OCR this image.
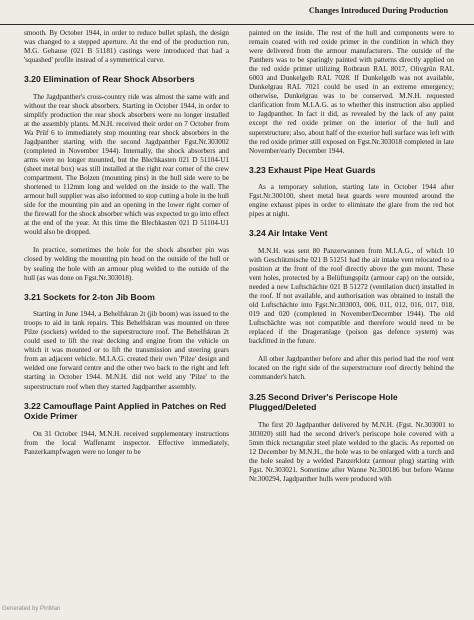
Changes Introduced During Production

smooth. By October 1944, in order to reduce bullet splash, the design was changed to a stepped aperture. At the end of the production run, M.G. Gehause (021 B 51181) castings were introduced that had a 'squashed' profile instead of a symmetrical curve.

3.20 Elimination of Rear Shock Absorbers

The Jagdpanther's cross-country ride was almost the same with and without the rear shock absorbers. Starting in October 1944, in order to simplify production the rear shock absorbers were no longer installed at the assembly plants. M.N.H. received their order on 7 October from Wa Prüf 6 to immediately stop mounting rear shock absorbers in the Jagdpanther starting with the second Jagdpanther Fgst.Nr.303002 (completed in November 1944). Internally, the shock absorbers and arms were no longer mounted, but the Blechkasten 021 D 51104-U1 (sheet metal box) was still installed at the right rear corner of the crew compartment. The Bolzen (mounting pins) in the hull side were to be shortened to 112mm long and welded on the inside to the wall. The armour hull supplier was also informed to stop cutting a hole in the hull side for the mounting pin and an opening in the lower right corner of the firewall for the shock absorber which was expected to go into effect at the end of the year. At this time the Blechkasten 021 D 51104-U1 would also be dropped.

In practice, sometimes the hole for the shock absorber pin was closed by welding the mounting pin head on the outside of the hull or by sealing the hole with an armour plug welded to the outside of the hull (as was done on Fgst.Nr.303018).

3.21 Sockets for 2-ton Jib Boom

Starting in June 1944, a Behelfskran 2t (jib boom) was issued to the troops to aid in tank repairs. This Behelfskran was mounted on three Pilze (sockets) welded to the superstructure roof. The Behelfskran 2t could used to lift the rear decking and engine from the vehicle on which it was mounted or to lift the transmission and steering gears from an adjacent vehicle. M.I.A.G. created their own 'Pilze' design and welded one forward centre and the other two back to the right and left starting in October 1944. M.N.H. did not weld any 'Pilze' to the superstructure roof when they started Jagdpanther assembly.

3.22 Camouflage Paint Applied in Patches on Red Oxide Primer

On 31 October 1944, M.N.H. received supplementary instructions from the local Waffenamt inspector. Effective immediately, Panzerkampfwagen were no longer to be

painted on the inside. The rest of the hull and components were to remain coated with red oxide primer in the condition in which they were delivered from the armour manufacturers. The outside of the Panthers was to be sparingly painted with patterns directly applied on the red oxide primer utilizing Rotbraun RAL 8017, Olivgrün RAL 6003 and Dunkelgelb RAL 7028. If Dunkelgelb was not available, Dunkelgrau RAL 7021 could be used in an extreme emergency; otherwise, Dunkelgrau was to be conserved. M.N.H. requested clarification from M.I.A.G. as to whether this instruction also applied to Jagdpanther. In fact it did, as revealed by the lack of any paint except the red oxide primer on the interior of the hull and superstructure; also, about half of the exterior hull surface was left with the red oxide primer still exposed on Fgst.Nr.303018 completed in late November/early December 1944.

3.23 Exhaust Pipe Heat Guards

As a temporary solution, starting late in October 1944 after Fgst.Nr.300100, sheet metal heat guards were mounted around the engine exhaust pipes in order to eliminate the glare from the red hot pipes at night.

3.24 Air Intake Vent

M.N.H. was sent 80 Panzerwannen from M.I.A.G., of which 10 with Geschütznische 021 B 51251 had the air intake vent relocated to a position at the front of the roof directly above the gun mount. These vent holes, protected by a Belüftungspilz (armour cap) on the outside, needed a new Luftschächte 021 B 51272 (ventilation duct) installed in the roof. If not available, and authorisation was obtained to install the old Luftschächte into Fgst.Nr.303003, 006, 011, 012, 016, 017, 018, 019 and 020 (completed in November/December 1944). The old Luftschächte was not compatible and therefore would need to be replaced if the Drageranlage (poison gas defence system) was backfitted in the future.

All other Jagdpanther before and after this period had the roof vent located on the right side of the superstructure roof directly behind the commander's hatch.

3.25 Second Driver's Periscope Hole Plugged/Deleted

The first 20 Jagdpanther delivered by M.N.H. (Fgst. Nr.303001 to 303020) still had the second driver's periscope hole covered with a 5mm thick rectangular steel plate welded to the glacis. As reported on 12 December by M.N.H., the hole was to be enlarged with a torch and the hole sealed by a welded Panzerklotz (armour plug) starting with Fgst. Nr.303021. Sometime after Wanne Nr.300186 but before Wanne Nr.300294, Jagdpanther hulls were produced with

Generated by PinMan
